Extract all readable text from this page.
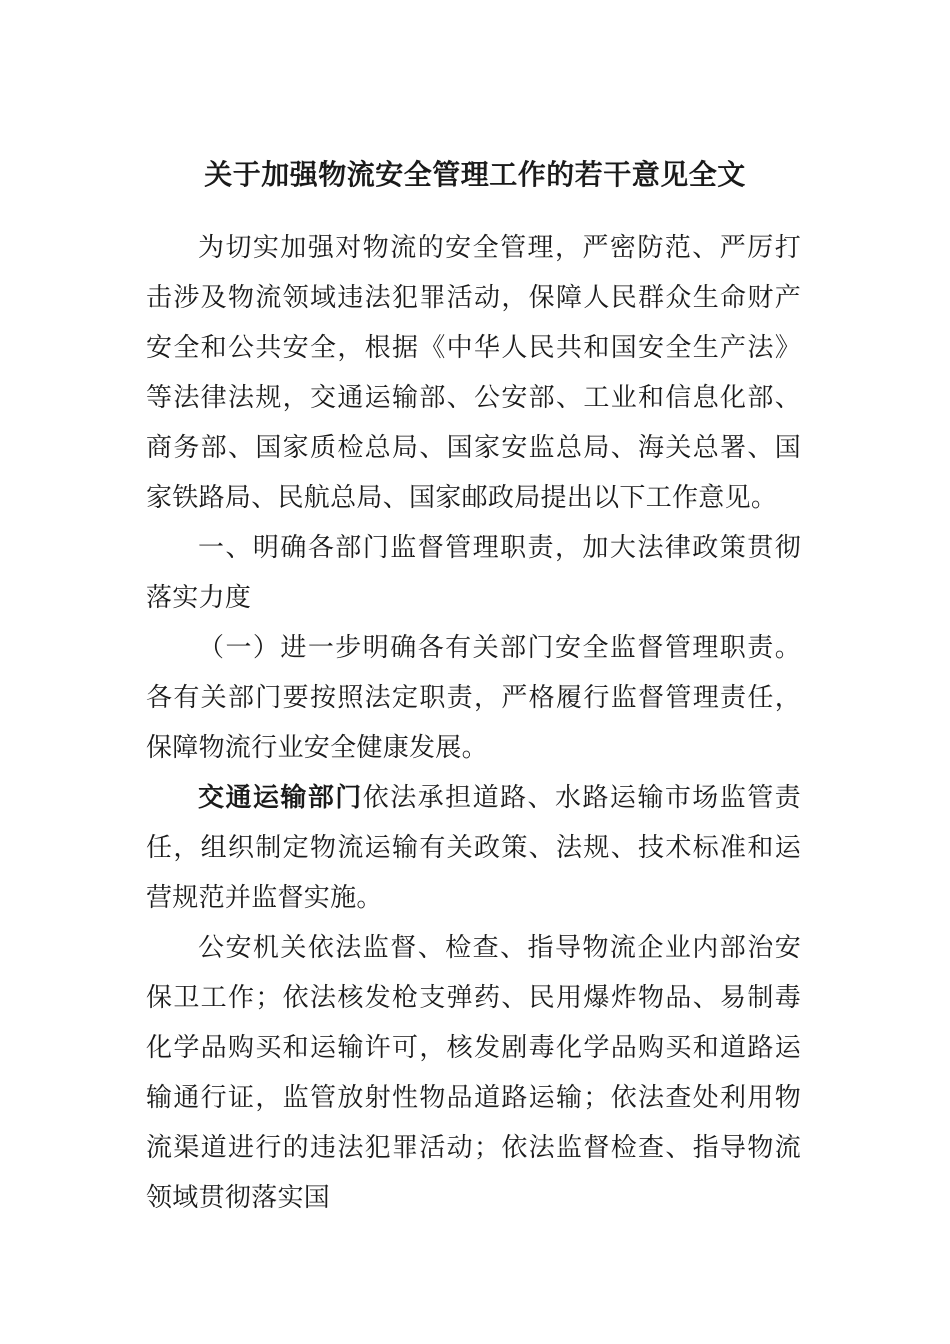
关于加强物流安全管理工作的若干意见全文

为切实加强对物流的安全管理，严密防范、严厉打击涉及物流领域违法犯罪活动，保障人民群众生命财产安全和公共安全，根据《中华人民共和国安全生产法》等法律法规，交通运输部、公安部、工业和信息化部、商务部、国家质检总局、国家安监总局、海关总署、国家铁路局、民航总局、国家邮政局提出以下工作意见。

一、明确各部门监督管理职责，加大法律政策贯彻落实力度

（一）进一步明确各有关部门安全监督管理职责。各有关部门要按照法定职责，严格履行监督管理责任，保障物流行业安全健康发展。

交通运输部门依法承担道路、水路运输市场监管责任，组织制定物流运输有关政策、法规、技术标准和运营规范并监督实施。

公安机关依法监督、检查、指导物流企业内部治安保卫工作；依法核发枪支弹药、民用爆炸物品、易制毒化学品购买和运输许可，核发剧毒化学品购买和道路运输通行证，监管放射性物品道路运输；依法查处利用物流渠道进行的违法犯罪活动；依法监督检查、指导物流领域贯彻落实国
